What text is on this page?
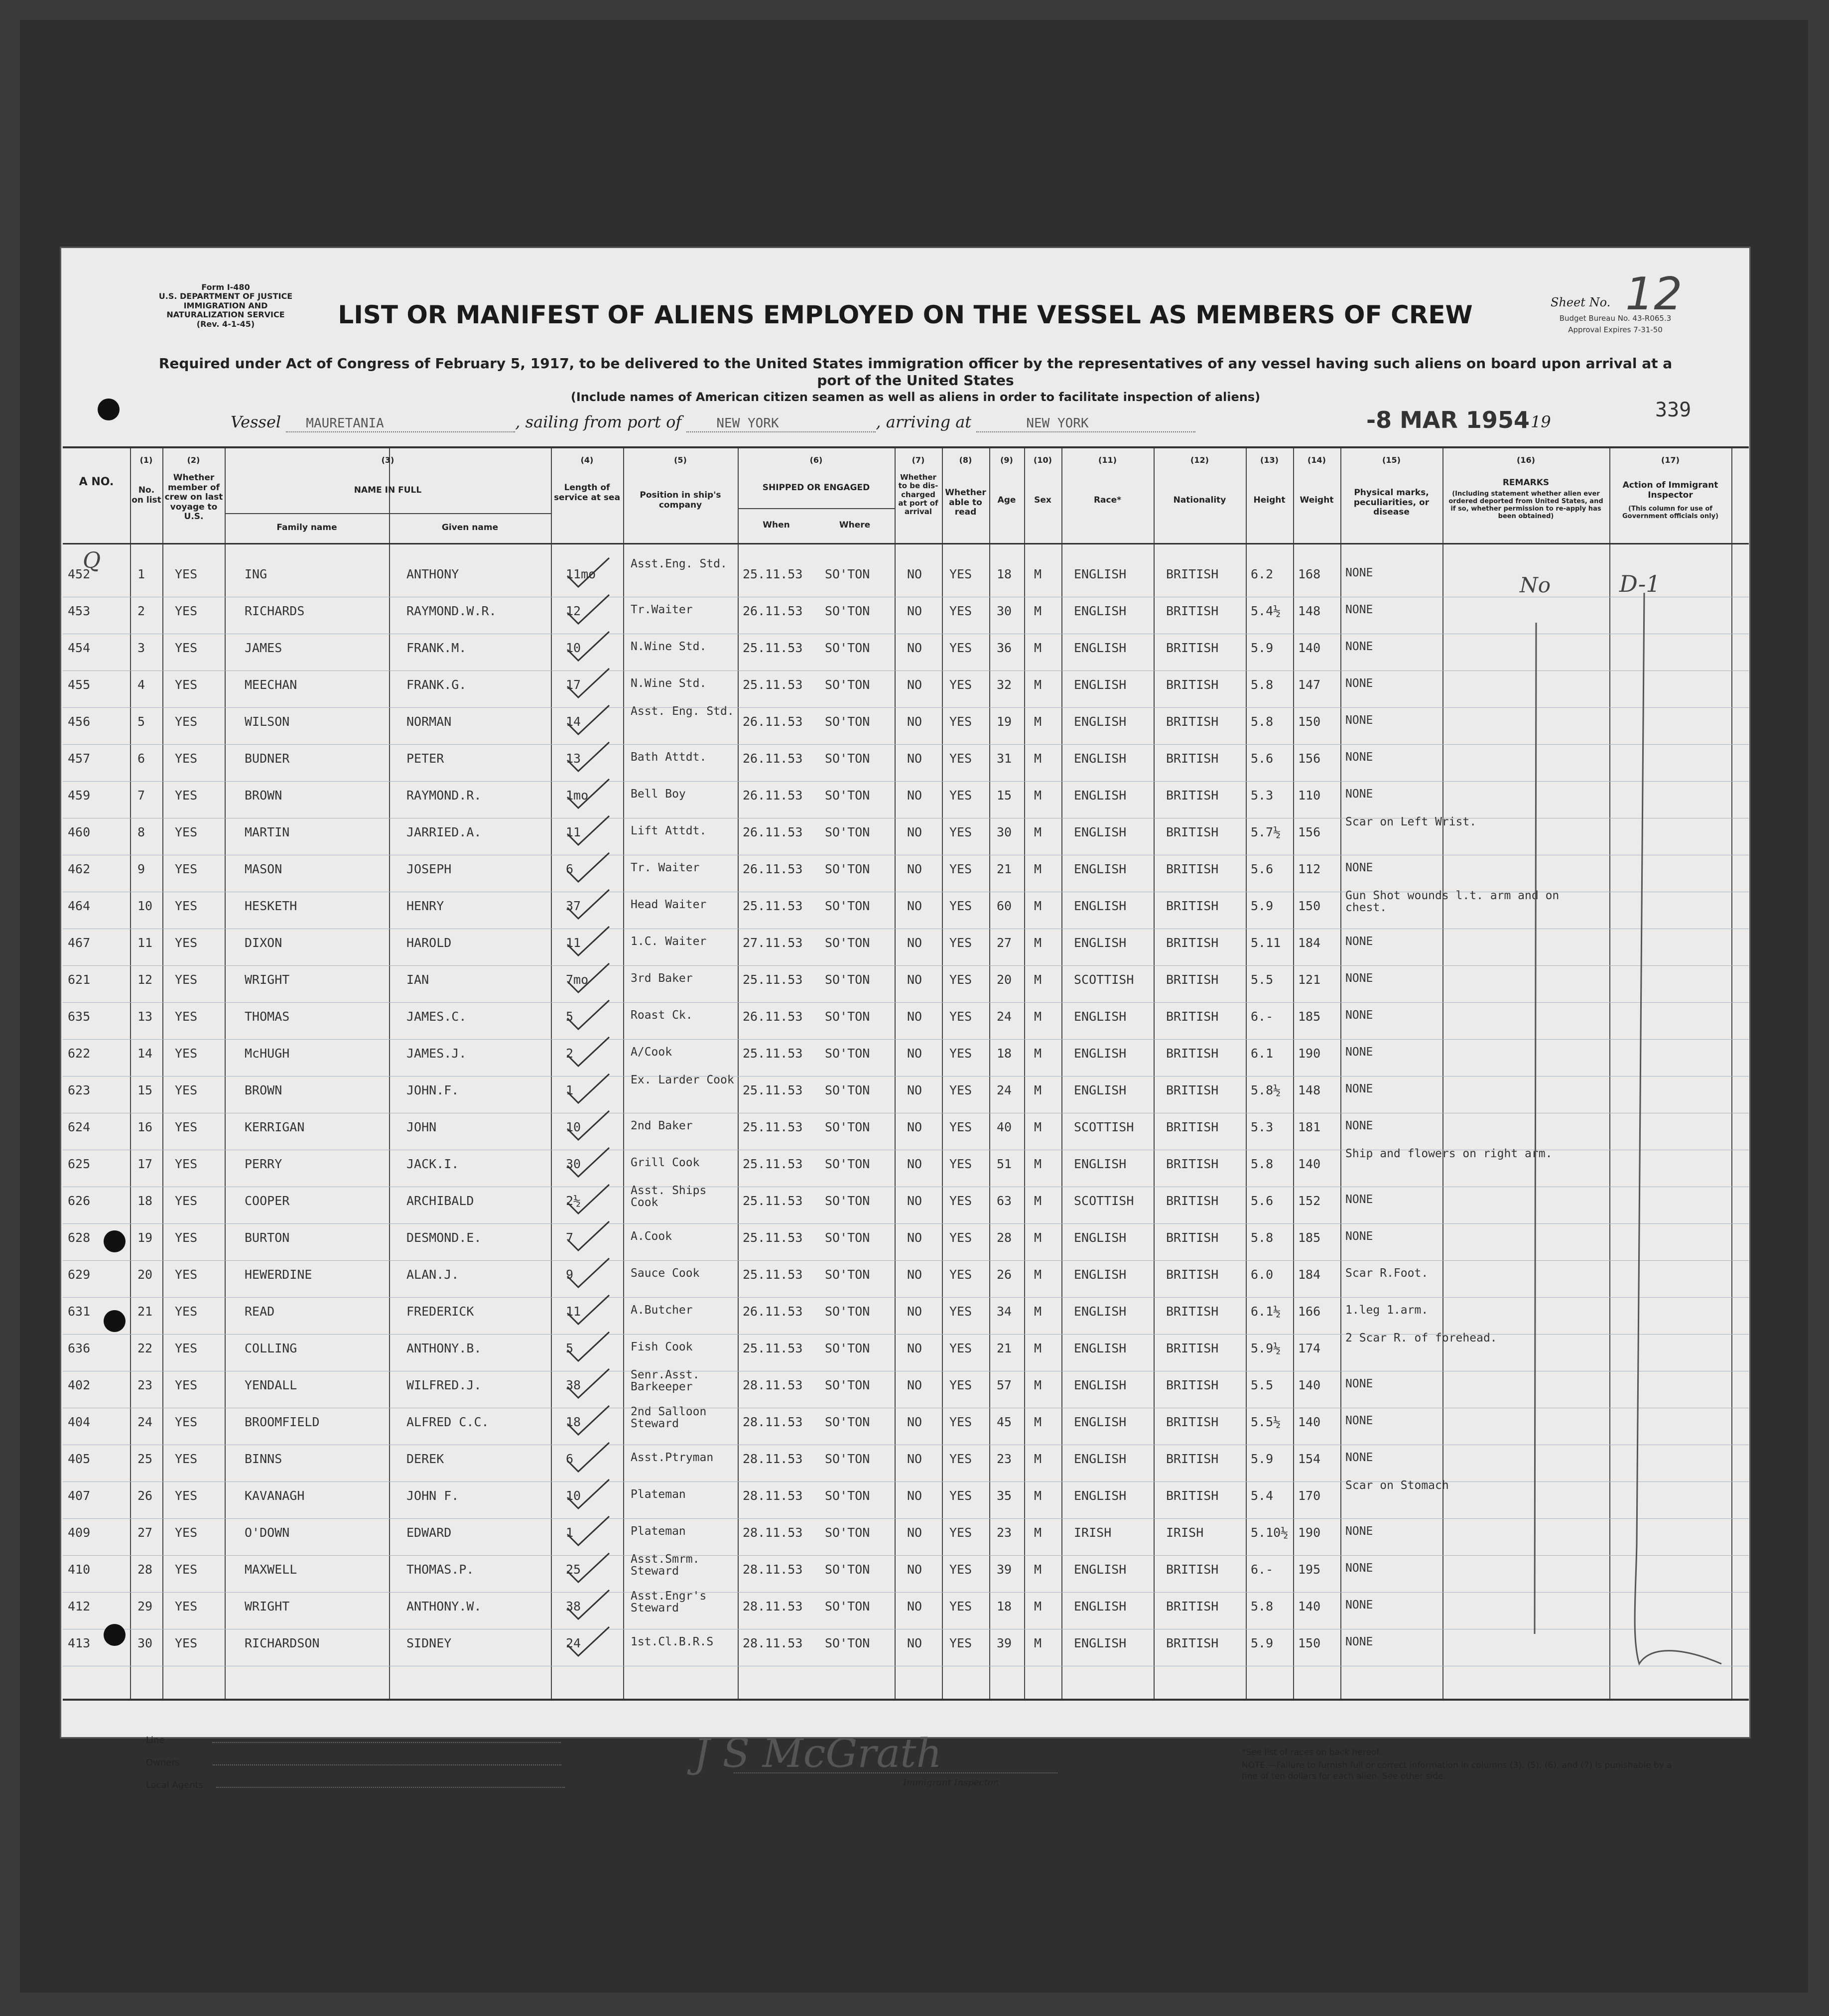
Form I-480
U.S. DEPARTMENT OF JUSTICE
IMMIGRATION AND NATURALIZATION SERVICE
(Rev. 4-1-45)	LIST OR MANIFEST OF ALIENS EMPLOYED ON THE VESSEL AS MEMBERS OF CREW	Sheet No. 12
Budget Bureau No. 43-R065.3
Approval Expires 7-31-50
Required under Act of Congress of February 5, 1917, to be delivered to the United States immigration officer by the representatives of any vessel having such aliens on board upon arrival at a port of the United States
(Include names of American citizen seamen as well as aliens in order to facilitate inspection of aliens)
339
Vessel MAURETANIA	, sailing from port of	NEW YORK	, arriving at	NEW YORK	-8 MAR 1954 19
A NO.
(1)
No. on list
(2)
Whether member of crew on last voyage to U.S.
(3)
NAME IN FULL
Family name	Given name
(4)
Length of service at sea
(5)
Position in ship's company
(6)
SHIPPED OR ENGAGED
When	Where
(7)
Whether to be dis-charged at port of arrival
(8)
Whether able to read
(9)
Age
(10)
Sex
(11)
Race*
(12)
Nationality
(13)
Height
(14)
Weight
(15)
Physical marks, peculiarities, or disease
(16)
REMARKS
(Including statement whether alien ever ordered deported from United States, and if so, whether permission to re-apply has been obtained)
(17)
Action of Immigrant Inspector
(This column for use of Government officials only)
452	1 YES	ING	ANTHONY	11mo
Asst.Eng. Std.
25.11.53 SO'TON	NO YES 18 M	ENGLISH	BRITISH	6.2 168 NONE
453	2 YES	RICHARDS	RAYMOND.W.R.	12	Tr.Waiter	26.11.53 SO'TON	NO YES 30 M	ENGLISH	BRITISH	5.4½ 148 NONE
454	3 YES	JAMES	FRANK.M.	10	N.Wine Std.	25.11.53 SO'TON	NO YES 36 M	ENGLISH	BRITISH	5.9 140 NONE
455	4 YES	MEECHAN	FRANK.G.	17	N.Wine Std.	25.11.53 SO'TON	NO YES 32 M	ENGLISH	BRITISH	5.8 147 NONE
456	5 YES	WILSON	NORMAN	14
Asst. Eng. Std.
26.11.53 SO'TON	NO YES 19 M	ENGLISH	BRITISH	5.8 150 NONE
457	6 YES	BUDNER	PETER	13	Bath Attdt.	26.11.53 SO'TON	NO YES 31 M	ENGLISH	BRITISH	5.6 156 NONE
459	7 YES	BROWN	RAYMOND.R.	1mo	Bell Boy	26.11.53 SO'TON	NO YES 15 M	ENGLISH	BRITISH	5.3 110 NONE
460	8 YES	MARTIN	JARRIED.A.	11	Lift Attdt.	26.11.53 SO'TON	NO YES 30 M	ENGLISH	BRITISH	5.7½ 156
Scar on Left Wrist.
462	9 YES	MASON	JOSEPH	6	Tr. Waiter	26.11.53 SO'TON	NO YES 21 M	ENGLISH	BRITISH	5.6 112 NONE
464	10 YES	HESKETH	HENRY	37	Head Waiter	25.11.53 SO'TON	NO YES 60 M	ENGLISH	BRITISH	5.9 150
Gun Shot wounds l.t. arm and on chest.
467	11 YES	DIXON	HAROLD	11	1.C. Waiter	27.11.53 SO'TON	NO YES 27 M	ENGLISH	BRITISH	5.11 184 NONE
621	12 YES	WRIGHT	IAN	7mo	3rd Baker	25.11.53 SO'TON	NO YES 20 M	SCOTTISH	BRITISH	5.5 121 NONE
635	13 YES	THOMAS	JAMES.C.	5	Roast Ck.	26.11.53 SO'TON	NO YES 24 M	ENGLISH	BRITISH	6.- 185 NONE
622	14 YES	McHUGH	JAMES.J.	2	A/Cook	25.11.53 SO'TON	NO YES 18 M	ENGLISH	BRITISH	6.1 190 NONE
623	15 YES	BROWN	JOHN.F.	1
Ex. Larder Cook
25.11.53 SO'TON	NO YES 24 M	ENGLISH	BRITISH	5.8½ 148 NONE
624	16 YES	KERRIGAN	JOHN	10	2nd Baker	25.11.53 SO'TON	NO YES 40 M	SCOTTISH	BRITISH	5.3 181 NONE
625	17 YES	PERRY	JACK.I.	30	Grill Cook	25.11.53 SO'TON	NO YES 51 M	ENGLISH	BRITISH	5.8 140
Ship and flowers on right arm.
626	18 YES	COOPER	ARCHIBALD	2½
Asst. Ships Cook	25.11.53 SO'TON	NO YES 63 M	SCOTTISH	BRITISH	5.6 152 NONE
628	19 YES	BURTON	DESMOND.E.	7	A.Cook	25.11.53 SO'TON	NO YES 28 M	ENGLISH	BRITISH	5.8 185 NONE
629	20 YES	HEWERDINE	ALAN.J.	9	Sauce Cook	25.11.53 SO'TON	NO YES 26 M	ENGLISH	BRITISH	6.0 184 Scar R.Foot.
631	21 YES	READ	FREDERICK	11	A.Butcher	26.11.53 SO'TON	NO YES 34 M	ENGLISH	BRITISH	6.1½ 166 1.leg 1.arm.
636	22 YES	COLLING	ANTHONY.B.	5	Fish Cook	25.11.53 SO'TON	NO YES 21 M	ENGLISH	BRITISH	5.9½ 174
2 Scar R. of forehead.
402	23 YES	YENDALL	WILFRED.J.	38
Senr.Asst. Barkeeper	28.11.53 SO'TON	NO YES 57 M	ENGLISH	BRITISH	5.5 140 NONE
404	24 YES	BROOMFIELD	ALFRED C.C.	18
2nd Salloon Steward	28.11.53 SO'TON	NO YES 45 M	ENGLISH	BRITISH	5.5½ 140 NONE
405	25 YES	BINNS	DEREK	6	Asst.Ptryman	28.11.53 SO'TON	NO YES 23 M	ENGLISH	BRITISH	5.9 154 NONE
407	26 YES	KAVANAGH	JOHN F.	10	Plateman	28.11.53 SO'TON	NO YES 35 M	ENGLISH	BRITISH	5.4 170
Scar on Stomach
409	27 YES	O'DOWN	EDWARD	1	Plateman	28.11.53 SO'TON	NO YES 23 M	IRISH	IRISH	5.10½ 190 NONE
410	28 YES	MAXWELL	THOMAS.P.	25
Asst.Smrm. Steward	28.11.53 SO'TON	NO YES 39 M	ENGLISH	BRITISH	6.- 195 NONE
412	29 YES	WRIGHT	ANTHONY.W.	38
Asst.Engr's Steward	28.11.53 SO'TON	NO YES 18 M	ENGLISH	BRITISH	5.8 140 NONE
413	30 YES	RICHARDSON	SIDNEY	24	1st.Cl.B.R.S	28.11.53 SO'TON	NO YES 39 M	ENGLISH	BRITISH	5.9 150 NONE
Q
No	D-1
Line
Owners
Local Agents
J S McGrath
Immigrant Inspector.
*See list of races on back hereof.
NOTE.—Failure to furnish full or correct information in columns (3), (5), (6), and (7) is punishable by a fine of ten dollars for each alien. See other side.
